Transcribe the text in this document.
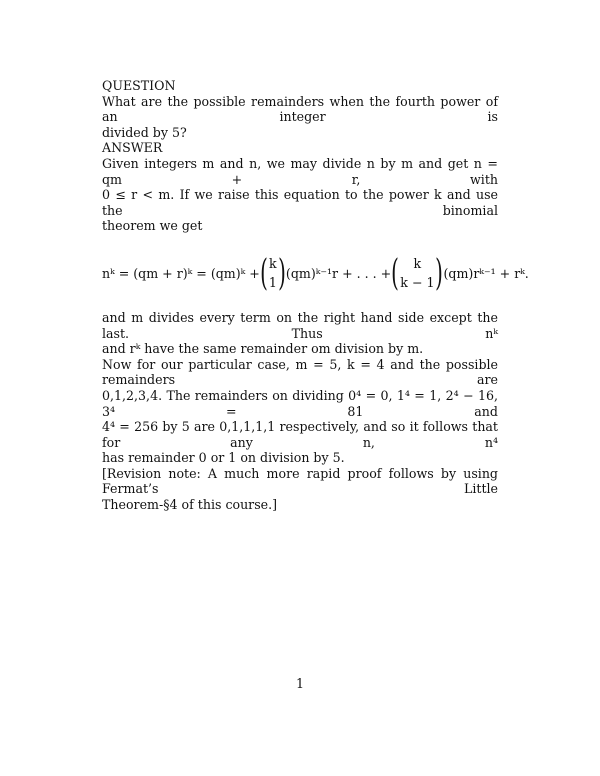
QUESTION
What are the possible remainders when the fourth power of an integer is
divided by 5?
ANSWER
Given integers m and n, we may divide n by m and get n = qm + r, with
0 ≤ r < m. If we raise this equation to the power k and use the binomial
theorem we get
nᵏ = (qm + r)ᵏ = (qm)ᵏ + ( k
1 ) (qm)ᵏ⁻¹r + . . . + ( k
k − 1 ) (qm)rᵏ⁻¹ + rᵏ.
and m divides every term on the right hand side except the last. Thus nᵏ
and rᵏ have the same remainder om division by m.
Now for our particular case, m = 5, k = 4 and the possible remainders are
0,1,2,3,4. The remainders on dividing 0⁴ = 0, 1⁴ = 1, 2⁴ − 16, 3⁴ = 81 and
4⁴ = 256 by 5 are 0,1,1,1,1 respectively, and so it follows that for any n, n⁴
has remainder 0 or 1 on division by 5.
[Revision note: A much more rapid proof follows by using Fermat’s Little
Theorem-§4 of this course.]
1
